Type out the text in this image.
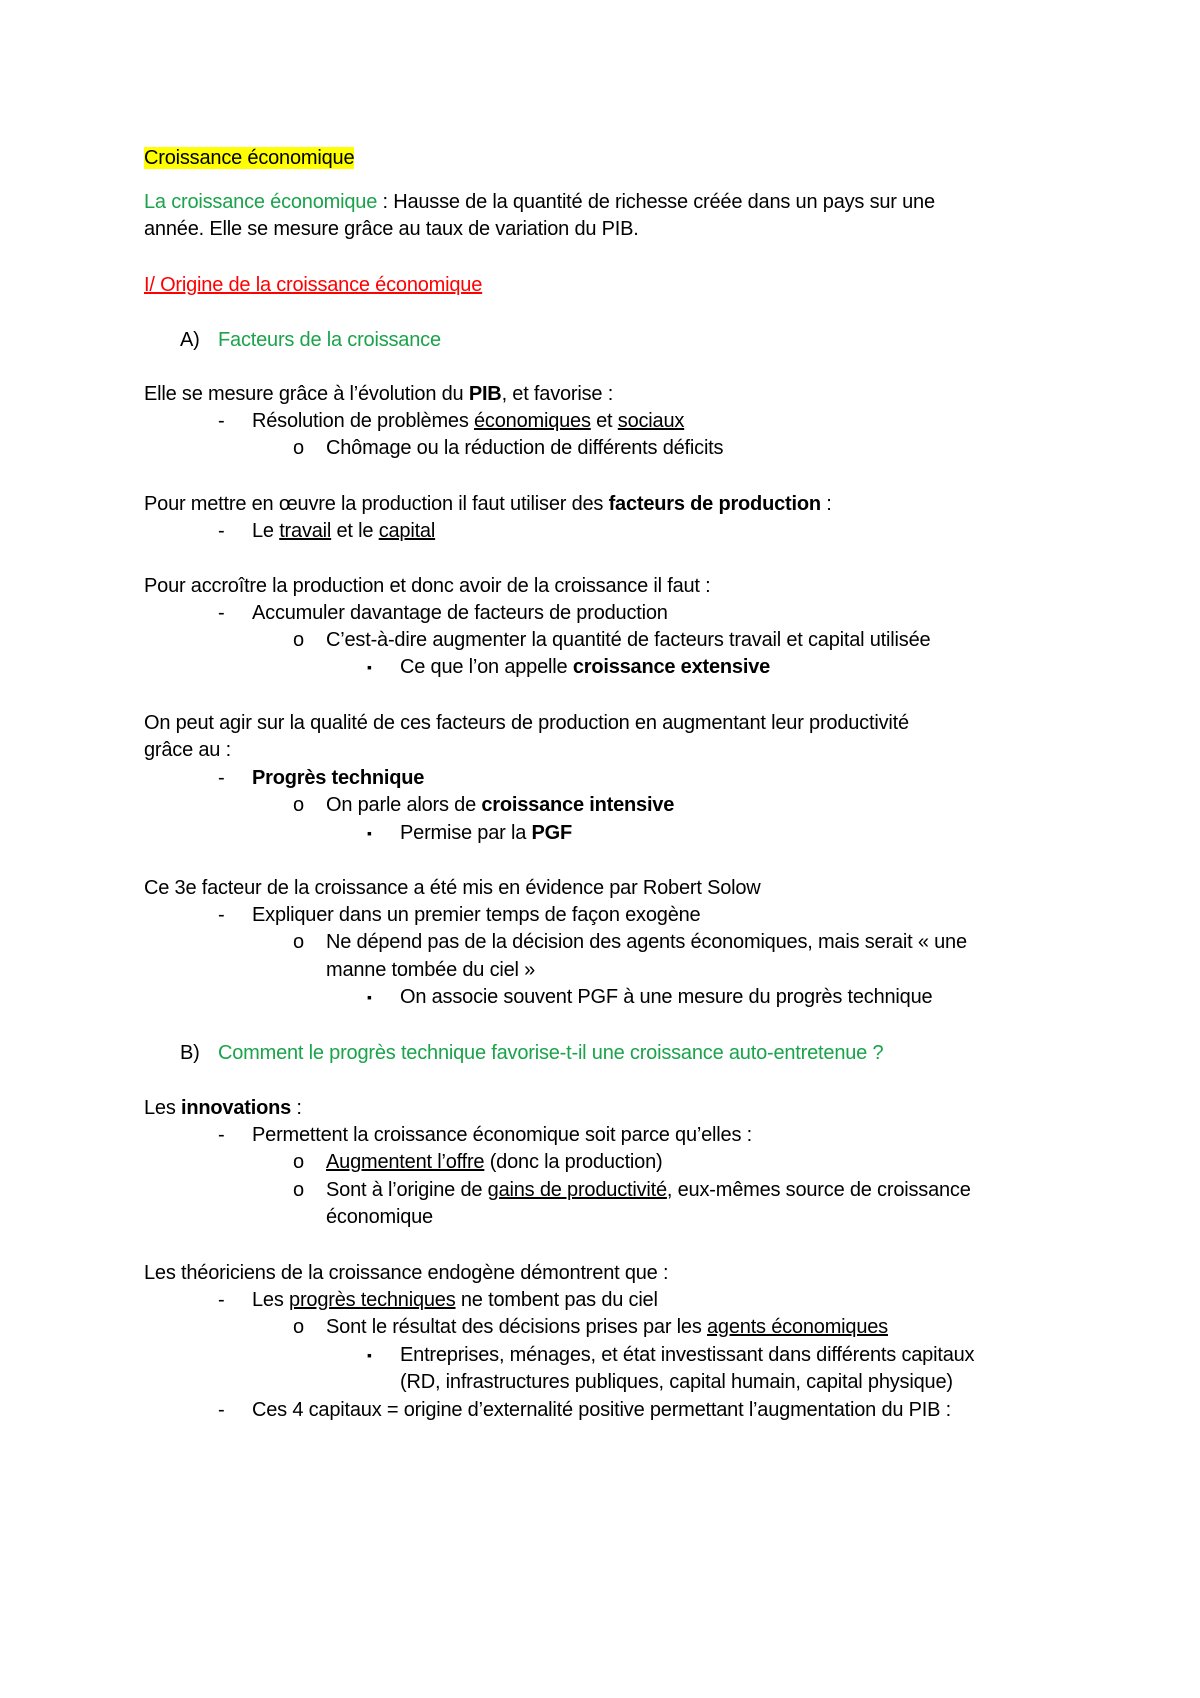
Croissance économique
La croissance économique : Hausse de la quantité de richesse créée dans un pays sur une
année. Elle se mesure grâce au taux de variation du PIB.
I/ Origine de la croissance économique
A) Facteurs de la croissance
Elle se mesure grâce à l’évolution du PIB, et favorise :
- Résolution de problèmes économiques et sociaux
o Chômage ou la réduction de différents déficits
Pour mettre en œuvre la production il faut utiliser des facteurs de production :
- Le travail et le capital
Pour accroître la production et donc avoir de la croissance il faut :
- Accumuler davantage de facteurs de production
o C’est-à-dire augmenter la quantité de facteurs travail et capital utilisée
▪ Ce que l’on appelle croissance extensive
On peut agir sur la qualité de ces facteurs de production en augmentant leur productivité
grâce au :
- Progrès technique
o On parle alors de croissance intensive
▪ Permise par la PGF
Ce 3e facteur de la croissance a été mis en évidence par Robert Solow
- Expliquer dans un premier temps de façon exogène
o Ne dépend pas de la décision des agents économiques, mais serait « une
manne tombée du ciel »
▪ On associe souvent PGF à une mesure du progrès technique
B) Comment le progrès technique favorise-t-il une croissance auto-entretenue ?
Les innovations :
- Permettent la croissance économique soit parce qu’elles :
o Augmentent l’offre (donc la production)
o Sont à l’origine de gains de productivité, eux-mêmes source de croissance
économique
Les théoriciens de la croissance endogène démontrent que :
- Les progrès techniques ne tombent pas du ciel
o Sont le résultat des décisions prises par les agents économiques
▪ Entreprises, ménages, et état investissant dans différents capitaux
(RD, infrastructures publiques, capital humain, capital physique)
- Ces 4 capitaux = origine d’externalité positive permettant l’augmentation du PIB :
